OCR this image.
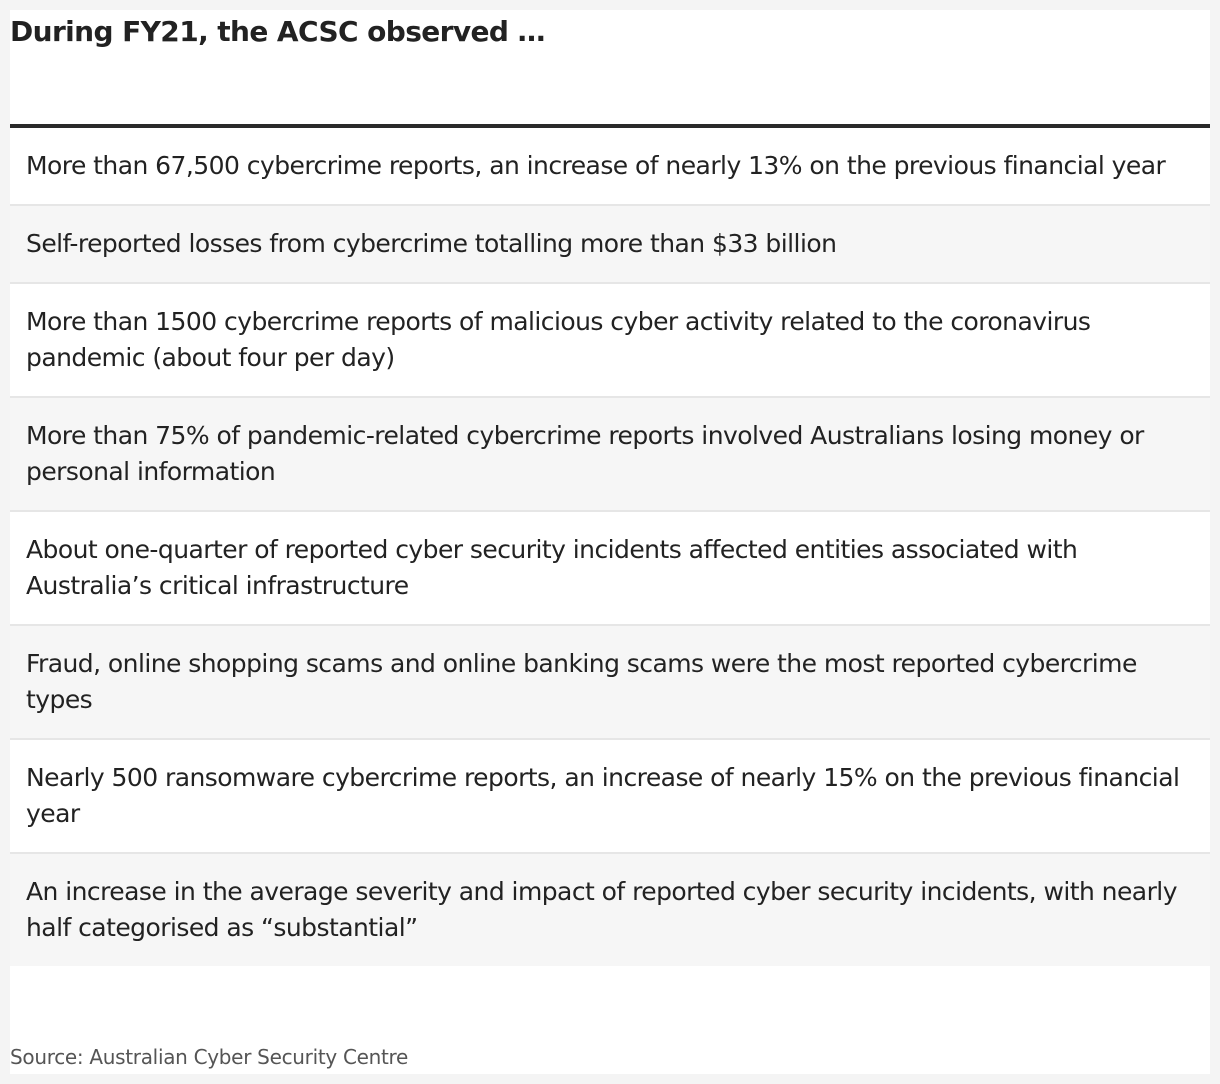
During FY21, the ACSC observed …
More than 67,500 cybercrime reports, an increase of nearly 13% on the previous financial year
Self-reported losses from cybercrime totalling more than $33 billion
More than 1500 cybercrime reports of malicious cyber activity related to the coronavirus pandemic (about four per day)
More than 75% of pandemic-related cybercrime reports involved Australians losing money or personal information
About one-quarter of reported cyber security incidents affected entities associated with Australia’s critical infrastructure
Fraud, online shopping scams and online banking scams were the most reported cybercrime types
Nearly 500 ransomware cybercrime reports, an increase of nearly 15% on the previous financial year
An increase in the average severity and impact of reported cyber security incidents, with nearly half categorised as “substantial”
Source: Australian Cyber Security Centre
